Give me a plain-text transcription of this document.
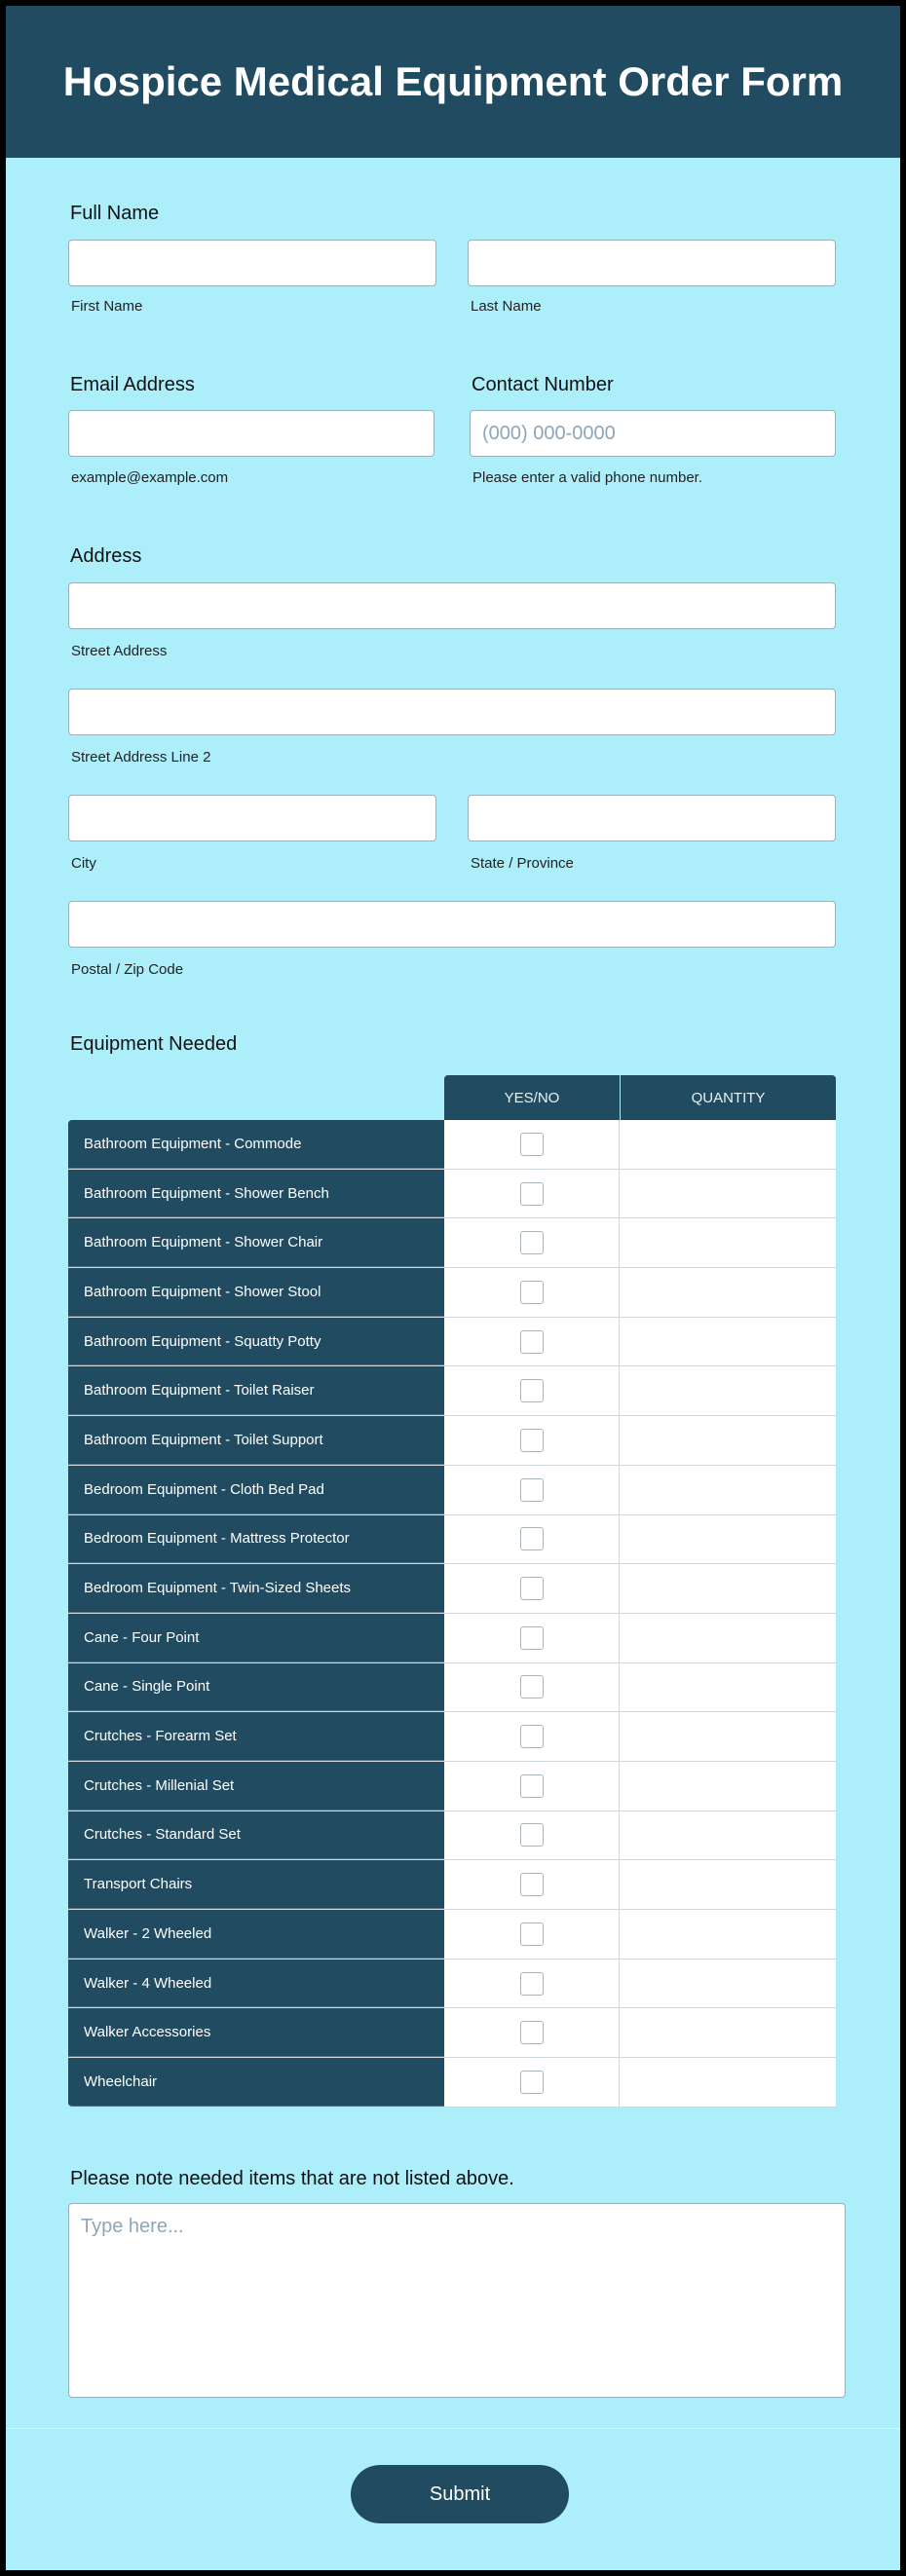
Hospice Medical Equipment Order Form
Full Name
First Name	Last Name
Email Address
example@example.com
Contact Number
(000) 000-0000
Please enter a valid phone number.
Address
Street Address
Street Address Line 2
City	State / Province
Postal / Zip Code
Equipment Needed
YES/NO	QUANTITY
Bathroom Equipment - Commode
Bathroom Equipment - Shower Bench
Bathroom Equipment - Shower Chair
Bathroom Equipment - Shower Stool
Bathroom Equipment - Squatty Potty
Bathroom Equipment - Toilet Raiser
Bathroom Equipment - Toilet Support
Bedroom Equipment - Cloth Bed Pad
Bedroom Equipment - Mattress Protector
Bedroom Equipment - Twin-Sized Sheets
Cane - Four Point
Cane - Single Point
Crutches - Forearm Set
Crutches - Millenial Set
Crutches - Standard Set
Transport Chairs
Walker - 2 Wheeled
Walker - 4 Wheeled
Walker Accessories
Wheelchair
Please note needed items that are not listed above.
Type here...
Submit
